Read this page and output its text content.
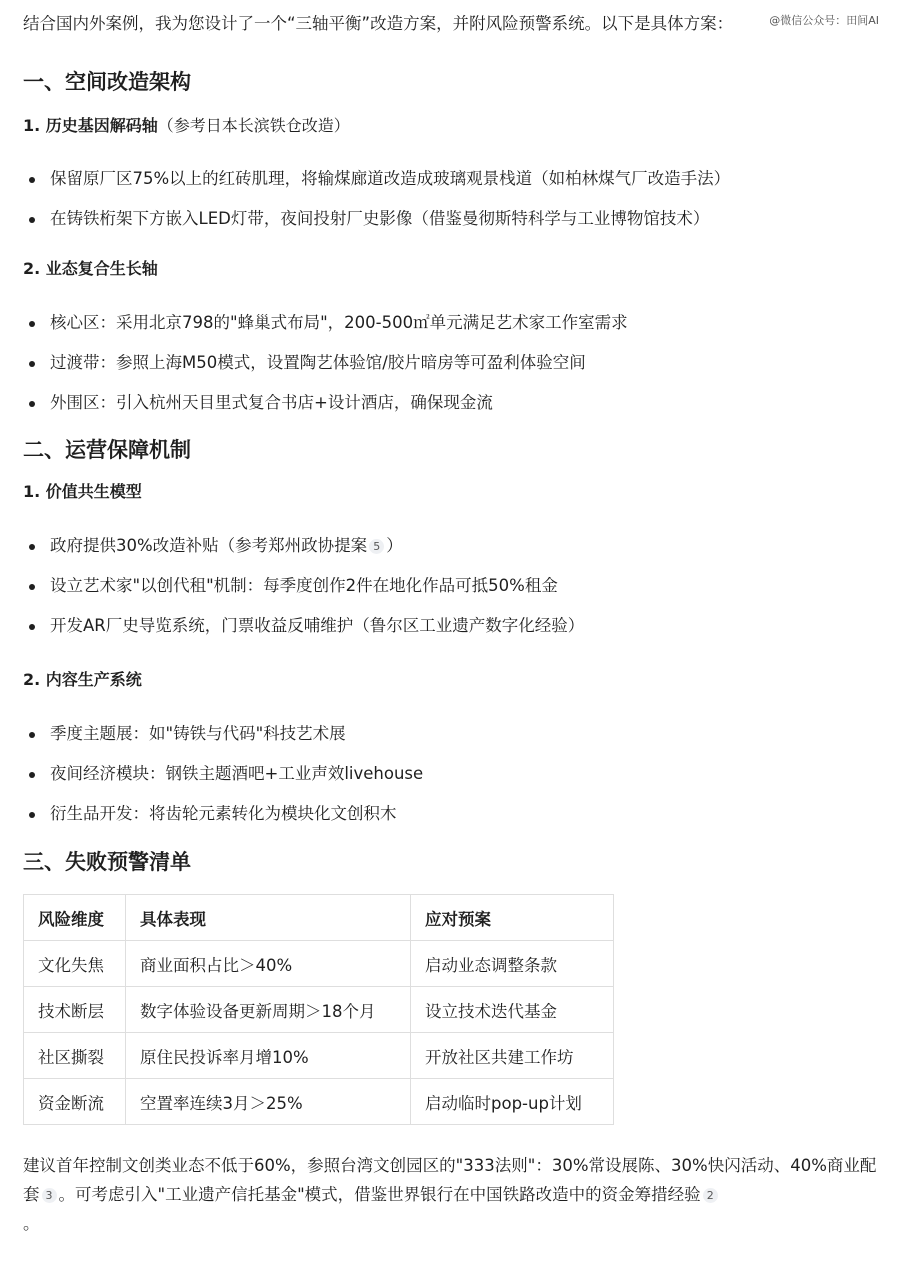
@微信公众号：田间AI

结合国内外案例，我为您设计了一个“三轴平衡”改造方案，并附风险预警系统。以下是具体方案：

一、空间改造架构
1. 历史基因解码轴（参考日本长滨铁仓改造）
保留原厂区75%以上的红砖肌理，将输煤廊道改造成玻璃观景栈道（如柏林煤气厂改造手法）
在铸铁桁架下方嵌入LED灯带，夜间投射厂史影像（借鉴曼彻斯特科学与工业博物馆技术）
2. 业态复合生长轴
核心区：采用北京798的"蜂巢式布局"，200-500㎡单元满足艺术家工作室需求
过渡带：参照上海M50模式，设置陶艺体验馆/胶片暗房等可盈利体验空间
外围区：引入杭州天目里式复合书店+设计酒店，确保现金流
二、运营保障机制
1. 价值共生模型
政府提供30%改造补贴（参考郑州政协提案 5 ）
设立艺术家"以创代租"机制：每季度创作2件在地化作品可抵50%租金
开发AR厂史导览系统，门票收益反哺维护（鲁尔区工业遗产数字化经验）
2. 内容生产系统
季度主题展：如"铸铁与代码"科技艺术展
夜间经济模块：钢铁主题酒吧+工业声效livehouse
衍生品开发：将齿轮元素转化为模块化文创积木
三、失败预警清单
风险维度	具体表现	应对预案
文化失焦	商业面积占比＞40%	启动业态调整条款
技术断层	数字体验设备更新周期＞18个月	设立技术迭代基金
社区撕裂	原住民投诉率月增10%	开放社区共建工作坊
资金断流	空置率连续3月＞25%	启动临时pop-up计划

建议首年控制文创类业态不低于60%，参照台湾文创园区的"333法则"：30%常设展陈、30%快闪活动、40%商业配套 3 。可考虑引入"工业遗产信托基金"模式，借鉴世界银行在中国铁路改造中的资金筹措经验 2
。
